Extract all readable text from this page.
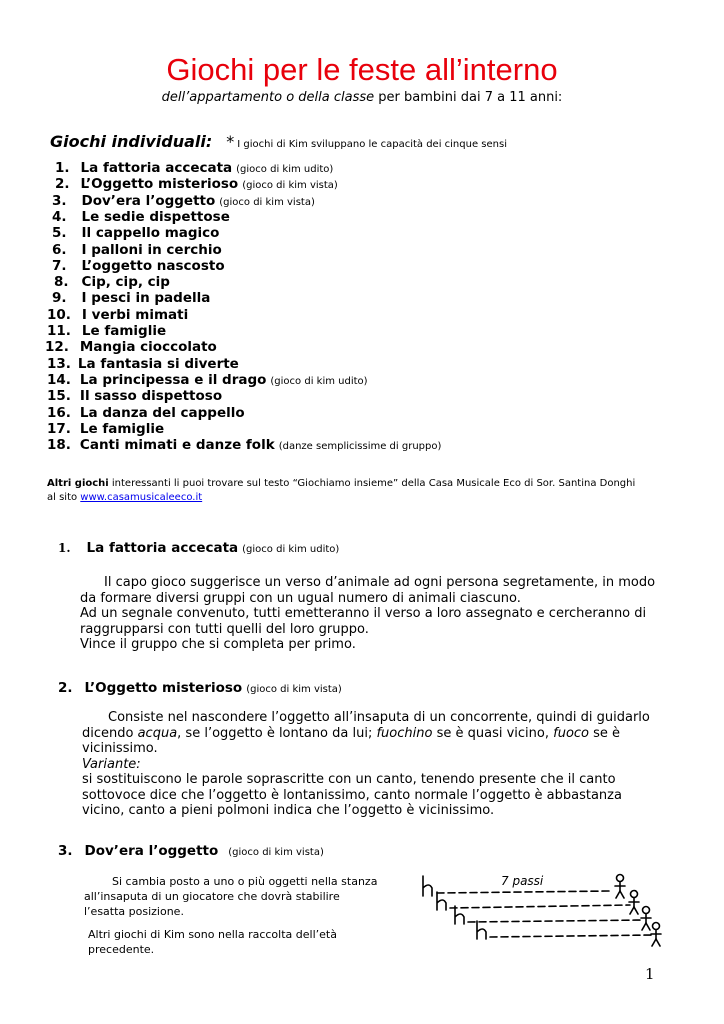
Giochi per le feste all’interno
dell’appartamento o della classe per bambini dai 7 a 11 anni:
Giochi individuali: * I giochi di Kim sviluppano le capacità dei cinque sensi
1. La fattoria accecata (gioco di kim udito)
2. L’Oggetto misterioso (gioco di kim vista)
3. Dov’era l’oggetto (gioco di kim vista)
4. Le sedie dispettose
5. Il cappello magico
6. I palloni in cerchio
7. L’oggetto nascosto
8. Cip, cip, cip
9. I pesci in padella
10. I verbi mimati
11. Le famiglie
12. Mangia cioccolato
13. La fantasia si diverte
14. La principessa e il drago (gioco di kim udito)
15. Il sasso dispettoso
16. La danza del cappello
17. Le famiglie
18. Canti mimati e danze folk (danze semplicissime di gruppo)
Altri giochi interessanti li puoi trovare sul testo “Giochiamo insieme” della Casa Musicale Eco di Sor. Santina Donghi
al sito www.casamusicaleeco.it
1. La fattoria accecata (gioco di kim udito)
Il capo gioco suggerisce un verso d’animale ad ogni persona segretamente, in modo
da formare diversi gruppi con un ugual numero di animali ciascuno.
Ad un segnale convenuto, tutti emetteranno il verso a loro assegnato e cercheranno di
raggrupparsi con tutti quelli del loro gruppo.
Vince il gruppo che si completa per primo.
2. L’Oggetto misterioso (gioco di kim vista)
Consiste nel nascondere l’oggetto all’insaputa di un concorrente, quindi di guidarlo
dicendo acqua, se l’oggetto è lontano da lui; fuochino se è quasi vicino, fuoco se è
vicinissimo.
Variante:
si sostituiscono le parole soprascritte con un canto, tenendo presente che il canto
sottovoce dice che l’oggetto è lontanissimo, canto normale l’oggetto è abbastanza
vicino, canto a pieni polmoni indica che l’oggetto è vicinissimo.
3. Dov’era l’oggetto (gioco di kim vista)
Si cambia posto a uno o più oggetti nella stanza
all’insaputa di un giocatore che dovrà stabilire
l’esatta posizione.
Altri giochi di Kim sono nella raccolta dell’età
precedente.
7 passi
1
